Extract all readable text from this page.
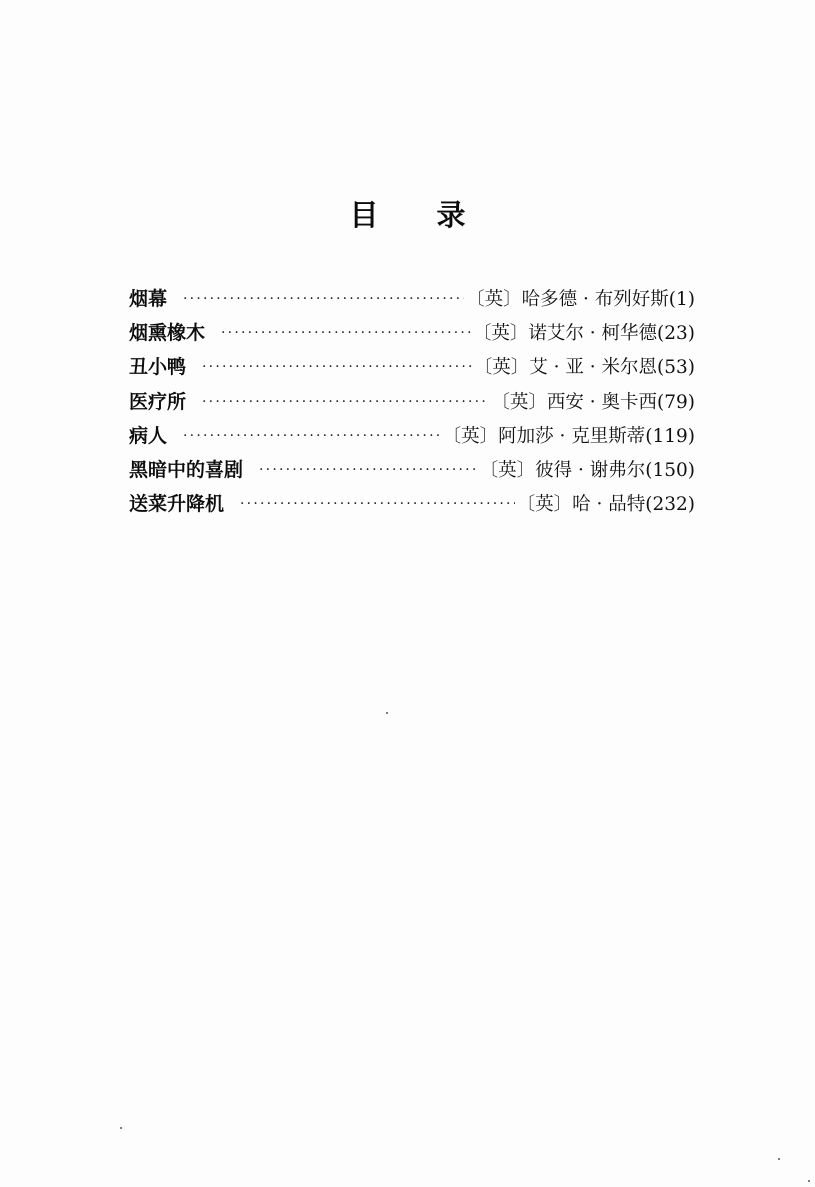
目录
烟幕 ·····	〔英〕哈多德 · 布列好斯(1)
烟熏橡木 ·····	〔英〕诺艾尔 · 柯华德(23)
丑小鸭 ·····	〔英〕艾 · 亚 · 米尔恩(53)
医疗所 ·····	〔英〕西安 · 奥卡西(79)
病人 ·····	〔英〕阿加莎 · 克里斯蒂(119)
黑暗中的喜剧 ·····	〔英〕彼得 · 谢弗尔(150)
送菜升降机 ·····	〔英〕哈 · 品特(232)
